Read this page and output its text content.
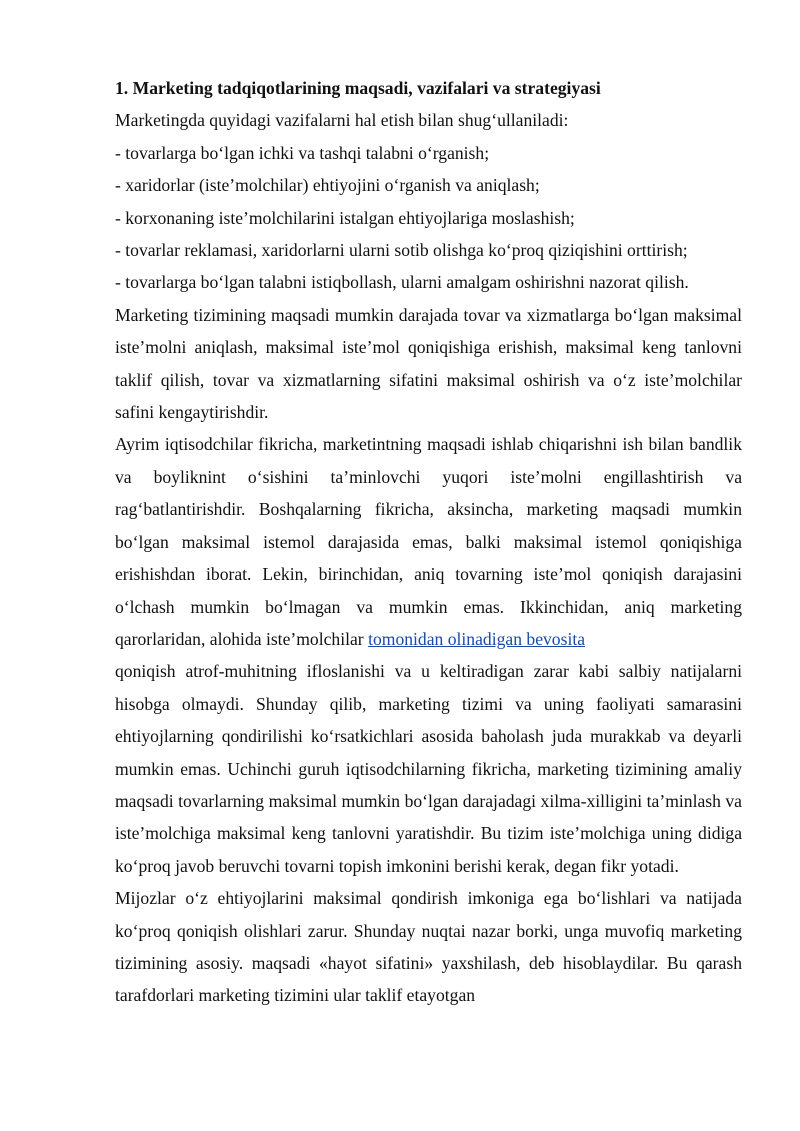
1. Marketing tadqiqotlarining maqsadi, vazifalari va strategiyasi

Marketingda quyidagi vazifalarni hal etish bilan shug‘ullaniladi:

- tovarlarga bo‘lgan ichki va tashqi talabni o‘rganish;

- xaridorlar (iste’molchilar) ehtiyojini o‘rganish va aniqlash;

- korxonaning iste’molchilarini istalgan ehtiyojlariga moslashish;

- tovarlar reklamasi, xaridorlarni ularni sotib olishga ko‘proq qiziqishini orttirish;

- tovarlarga bo‘lgan talabni istiqbollash, ularni amalgam oshirishni nazorat qilish.

Marketing tizimining maqsadi mumkin darajada tovar va xizmatlarga bo‘lgan maksimal iste’molni aniqlash, maksimal iste’mol qoniqishiga erishish, maksimal keng tanlovni taklif qilish, tovar va xizmatlarning sifatini maksimal oshirish va o‘z iste’molchilar safini kengaytirishdir.

Ayrim iqtisodchilar fikricha, marketintning maqsadi ishlab chiqarishni ish bilan bandlik va boyliknint o‘sishini ta’minlovchi yuqori iste’molni engillashtirish va rag‘batlantirishdir. Boshqalarning fikricha, aksincha, marketing maqsadi mumkin bo‘lgan maksimal istemol darajasida emas, balki maksimal istemol qoniqishiga erishishdan iborat. Lekin, birinchidan, aniq tovarning iste’mol qoniqish darajasini o‘lchash mumkin bo‘lmagan va mumkin emas. Ikkinchidan, aniq marketing qarorlaridan, alohida iste’molchilar tomonidan olinadigan bevosita

qoniqish atrof-muhitning ifloslanishi va u keltiradigan zarar kabi salbiy natijalarni hisobga olmaydi. Shunday qilib, marketing tizimi va uning faoliyati samarasini ehtiyojlarning qondirilishi ko‘rsatkichlari asosida baholash juda murakkab va deyarli mumkin emas. Uchinchi guruh iqtisodchilarning fikricha, marketing tizimining amaliy maqsadi tovarlarning maksimal mumkin bo‘lgan darajadagi xilma-xilligini ta’minlash va iste’molchiga maksimal keng tanlovni yaratishdir. Bu tizim iste’molchiga uning didiga ko‘proq javob beruvchi tovarni topish imkonini berishi kerak, degan fikr yotadi.

Mijozlar o‘z ehtiyojlarini maksimal qondirish imkoniga ega bo‘lishlari va natijada ko‘proq qoniqish olishlari zarur. Shunday nuqtai nazar borki, unga muvofiq marketing tizimining asosiy. maqsadi «hayot sifatini» yaxshilash, deb hisoblaydilar. Bu qarash tarafdorlari marketing tizimini ular taklif etayotgan
